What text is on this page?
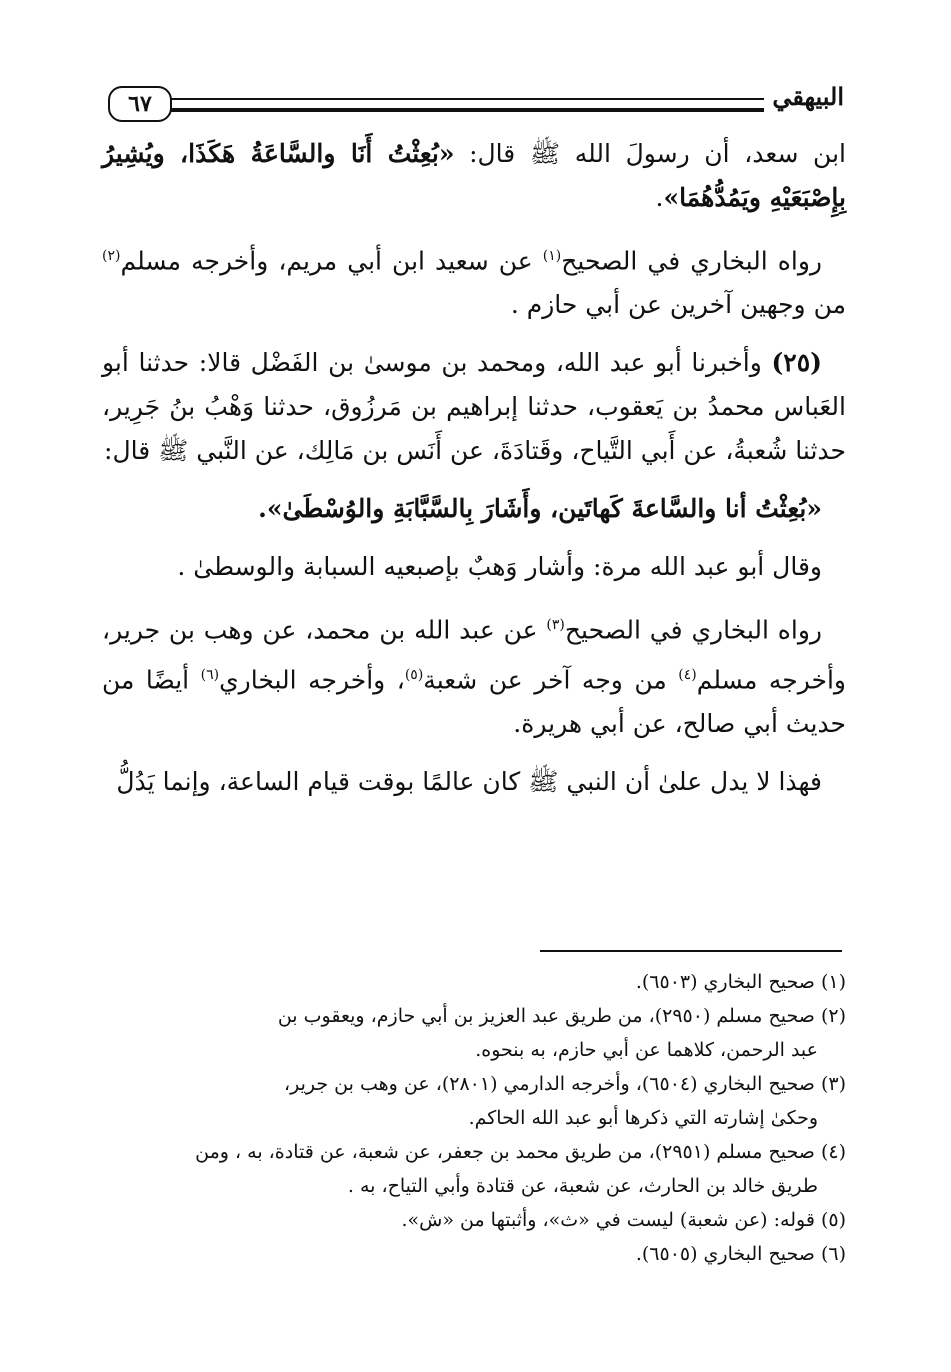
٦٧	البيهقي

ابن سعد، أن رسولَ الله ﷺ قال: «بُعِثْتُ أَنَا والسَّاعَةُ هَكَذَا، ويُشِيرُ بِإِصْبَعَيْهِ ويَمُدُّهُمَا».

رواه البخاري في الصحيح$^{(١)}$ عن سعيد ابن أبي مريم، وأخرجه مسلم$^{(٢)}$ من وجهين آخرين عن أبي حازم .

(٢٥) وأخبرنا أبو عبد الله، ومحمد بن موسىٰ بن الفَضْل قالا: حدثنا أبو العَباس محمدُ بن يَعقوب، حدثنا إبراهيم بن مَرزُوق، حدثنا وَهْبُ بنُ جَرِير، حدثنا شُعبةُ، عن أَبي التَّياح، وقَتادَةَ، عن أَنَس بن مَالِك، عن النَّبي ﷺ قال:

«بُعِثْتُ أنا والسَّاعةَ كَهاتَين، وأَشَارَ بِالسَّبَّابَةِ والوُسْطَىٰ».

وقال أبو عبد الله مرة: وأشار وَهبٌ بإصبعيه السبابة والوسطىٰ .

رواه البخاري في الصحيح$^{(٣)}$ عن عبد الله بن محمد، عن وهب بن جرير، وأخرجه مسلم$^{(٤)}$ من وجه آخر عن شعبة$^{(٥)}$، وأخرجه البخاري$^{(٦)}$ أيضًا من حديث أبي صالح، عن أبي هريرة.

فهذا لا يدل علىٰ أن النبي ﷺ كان عالمًا بوقت قيام الساعة، وإنما يَدُلُّ

(١) صحيح البخاري (٦٥٠٣).

(٢) صحيح مسلم (٢٩٥٠)، من طريق عبد العزيز بن أبي حازم، ويعقوب بن

عبد الرحمن، كلاهما عن أبي حازم، به بنحوه.

(٣) صحيح البخاري (٦٥٠٤)، وأخرجه الدارمي (٢٨٠١)، عن وهب بن جرير،

وحكىٰ إشارته التي ذكرها أبو عبد الله الحاكم.

(٤) صحيح مسلم (٢٩٥١)، من طريق محمد بن جعفر، عن شعبة، عن قتادة، به ، ومن

طريق خالد بن الحارث، عن شعبة، عن قتادة وأبي التياح، به .

(٥) قوله: (عن شعبة) ليست في «ث»، وأثبتها من «ش».

(٦) صحيح البخاري (٦٥٠٥).
